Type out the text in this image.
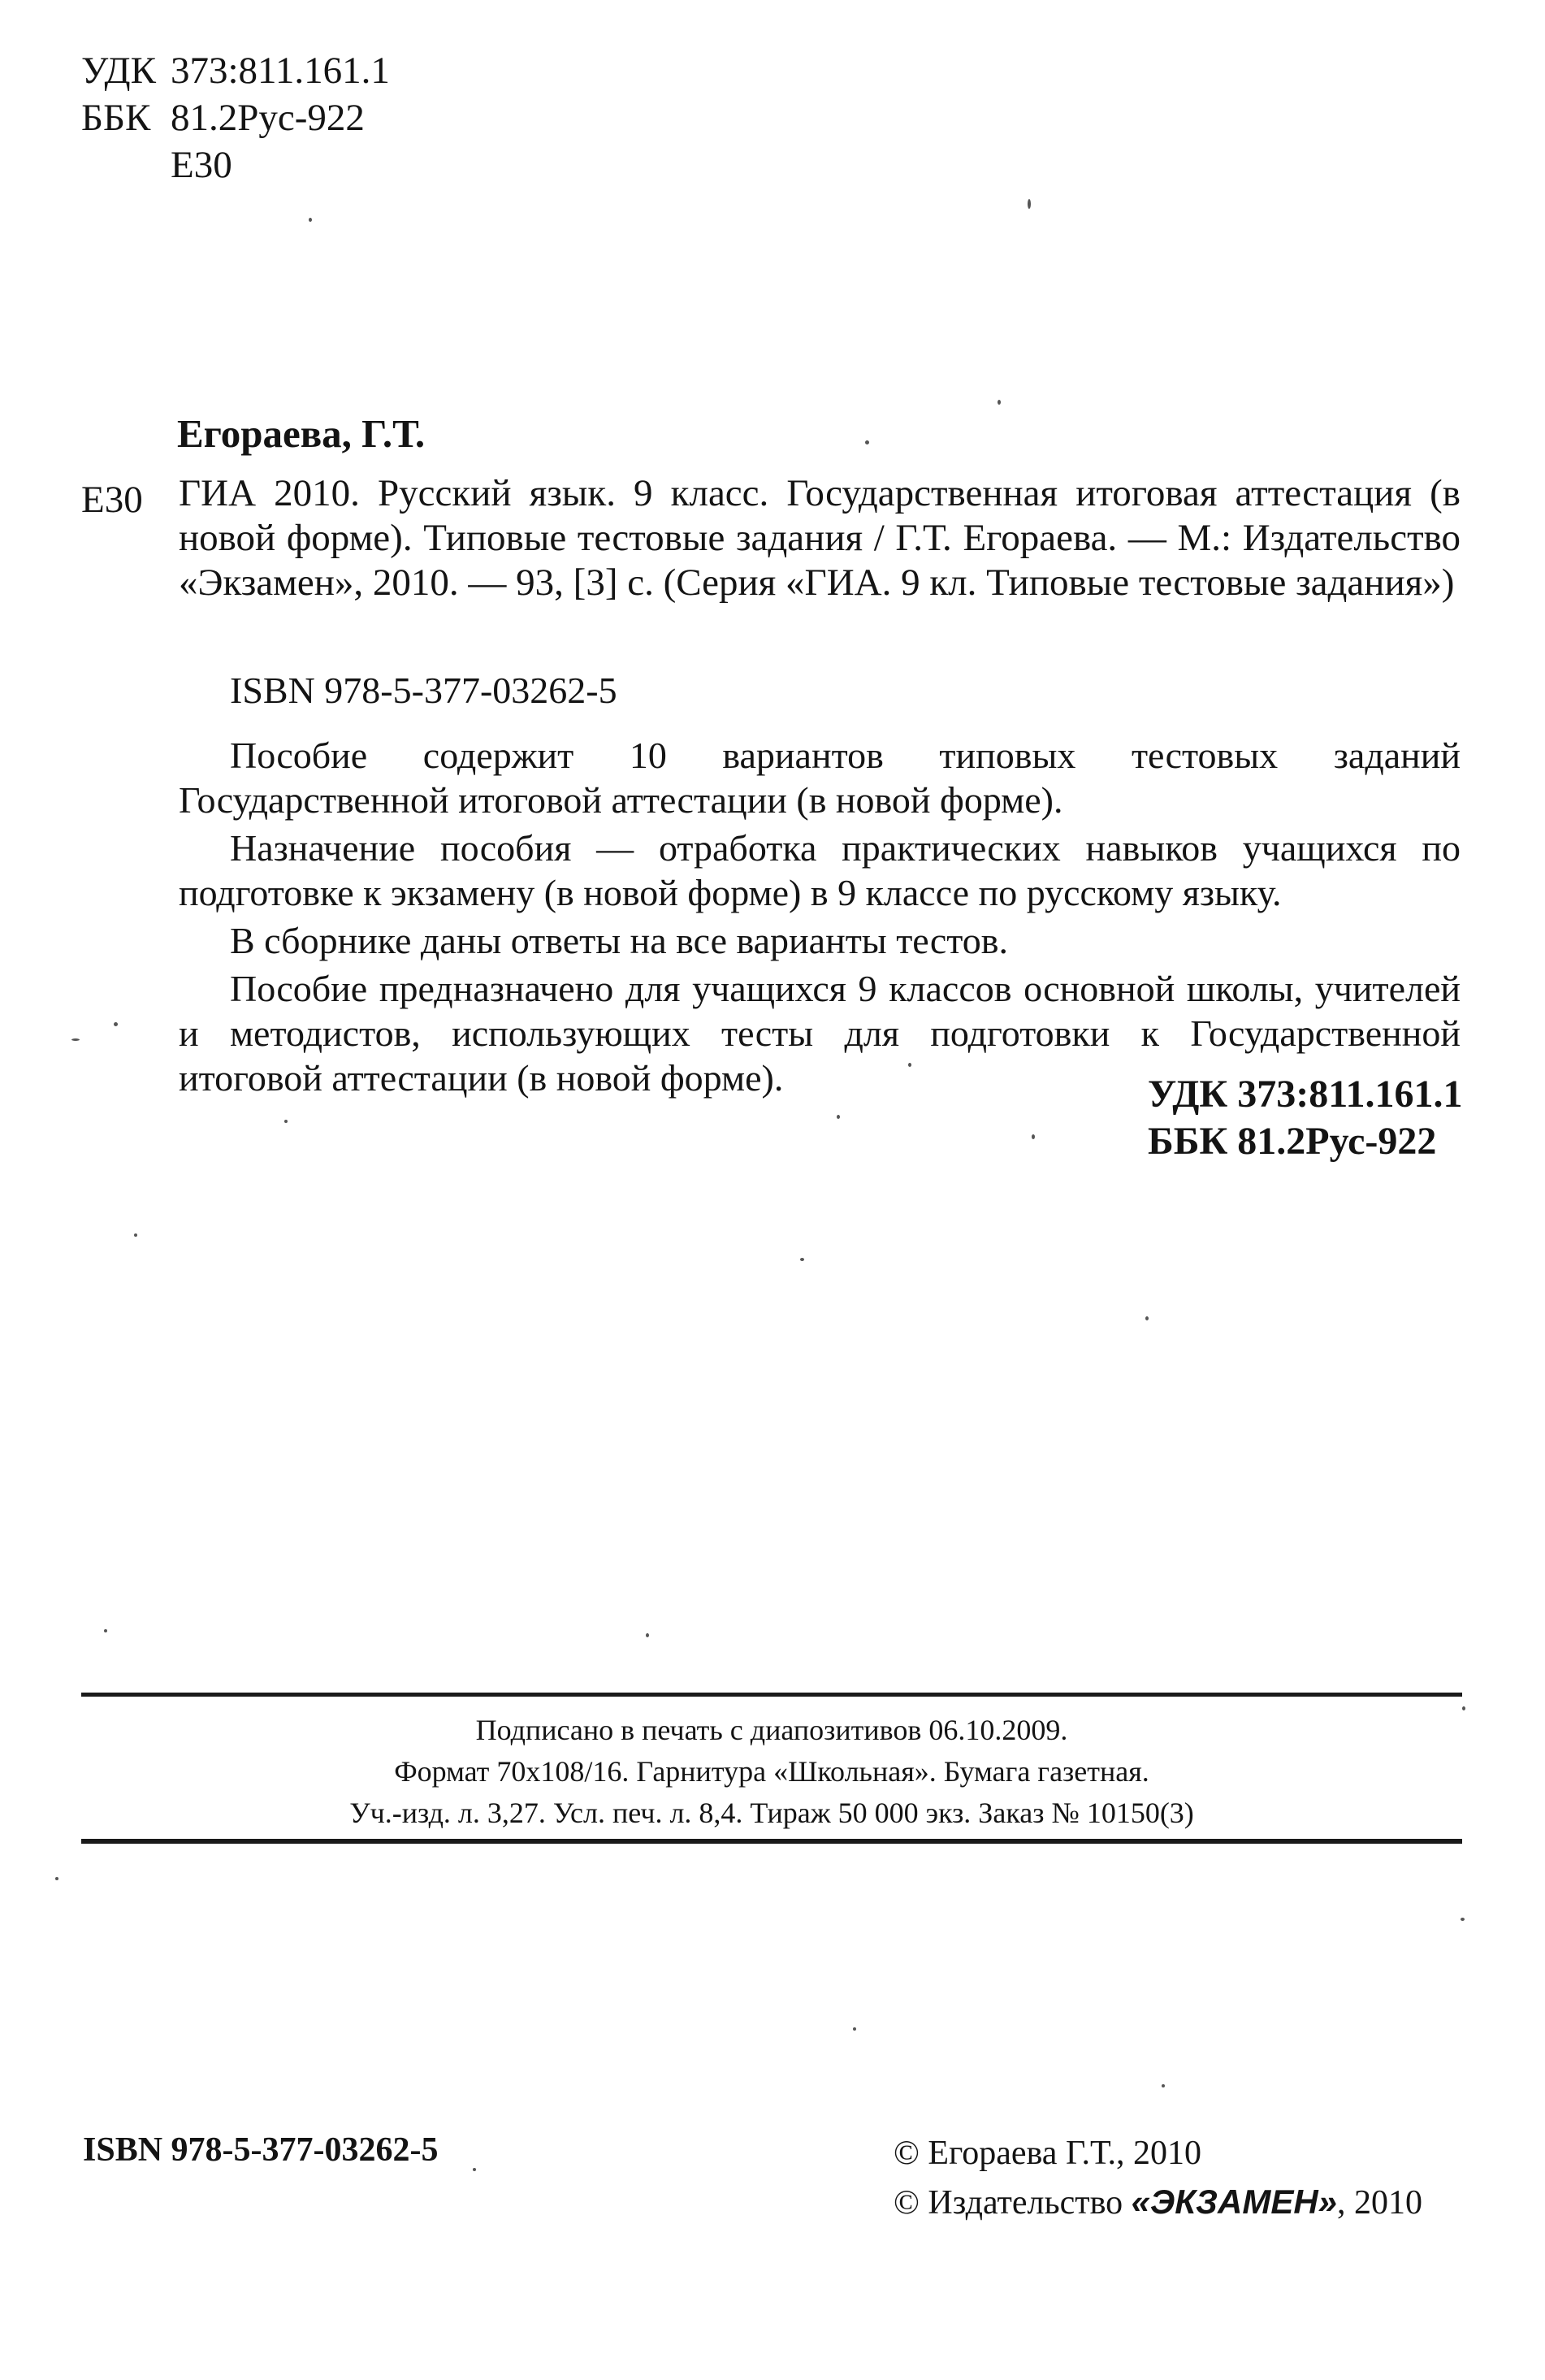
УДК 373:811.161.1
ББК 81.2Рус-922
Е30
Егораева, Г.Т.
Е30 ГИА 2010. Русский язык. 9 класс. Государственная итоговая аттестация (в новой форме). Типовые тестовые задания / Г.Т. Егораева. — М.: Издательство «Экзамен», 2010. — 93, [3] с. (Серия «ГИА. 9 кл. Типовые тестовые задания»)

ISBN 978-5-377-03262-5

Пособие содержит 10 вариантов типовых тестовых заданий Государственной итоговой аттестации (в новой форме).

Назначение пособия — отработка практических навыков учащихся по подготовке к экзамену (в новой форме) в 9 классе по русскому языку.

В сборнике даны ответы на все варианты тестов.

Пособие предназначено для учащихся 9 классов основной школы, учителей и методистов, использующих тесты для подготовки к Государственной итоговой аттестации (в новой форме).	УДК 373:811.161.1
ББК 81.2Рус-922
Подписано в печать с диапозитивов 06.10.2009.
Формат 70х108/16. Гарнитура «Школьная». Бумага газетная.
Уч.-изд. л. 3,27. Усл. печ. л. 8,4. Тираж 50 000 экз. Заказ № 10150(3)
ISBN 978-5-377-03262-5	© Егораева Г.Т., 2010
© Издательство «ЭКЗАМЕН», 2010
